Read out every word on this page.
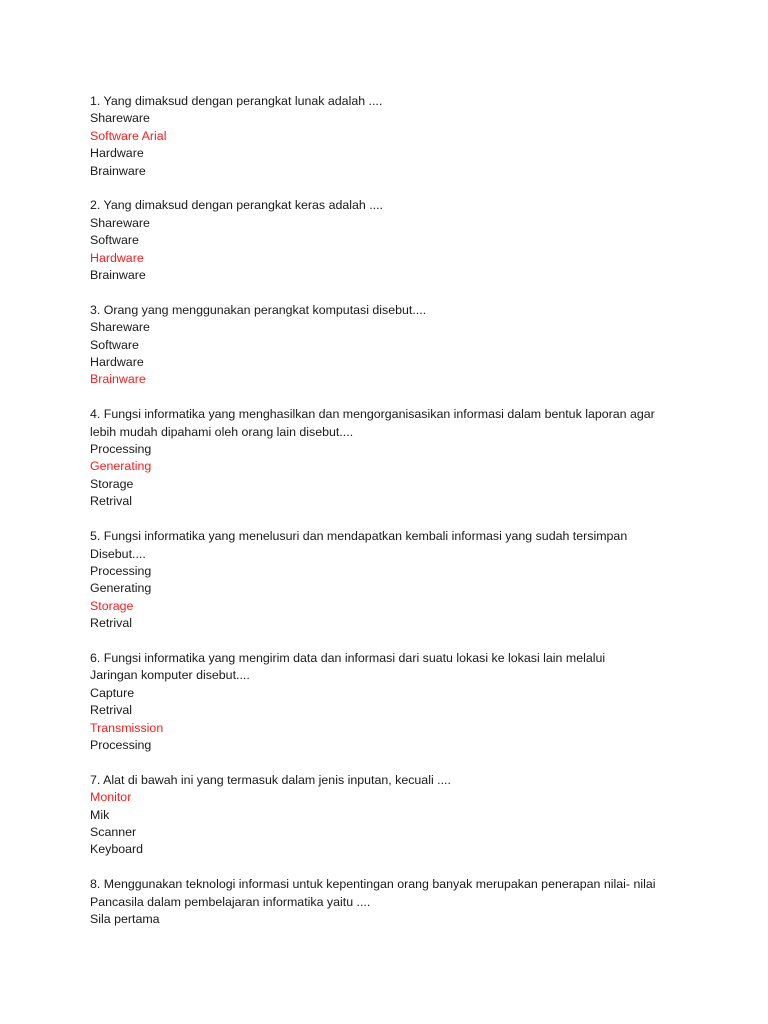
1. Yang dimaksud dengan perangkat lunak adalah ....
Shareware
Software Arial
Hardware
Brainware
2. Yang dimaksud dengan perangkat keras adalah ....
Shareware
Software
Hardware
Brainware
3. Orang yang menggunakan perangkat komputasi disebut....
Shareware
Software
Hardware
Brainware
4. Fungsi informatika yang menghasilkan dan mengorganisasikan informasi dalam bentuk laporan agar
lebih mudah dipahami oleh orang lain disebut....
Processing
Generating
Storage
Retrival
5. Fungsi informatika yang menelusuri dan mendapatkan kembali informasi yang sudah tersimpan
Disebut....
Processing
Generating
Storage
Retrival
6. Fungsi informatika yang mengirim data dan informasi dari suatu lokasi ke lokasi lain melalui
Jaringan komputer disebut....
Capture
Retrival
Transmission
Processing
7. Alat di bawah ini yang termasuk dalam jenis inputan, kecuali ....
Monitor
Mik
Scanner
Keyboard
8. Menggunakan teknologi informasi untuk kepentingan orang banyak merupakan penerapan nilai- nilai
Pancasila dalam pembelajaran informatika yaitu ....
Sila pertama
